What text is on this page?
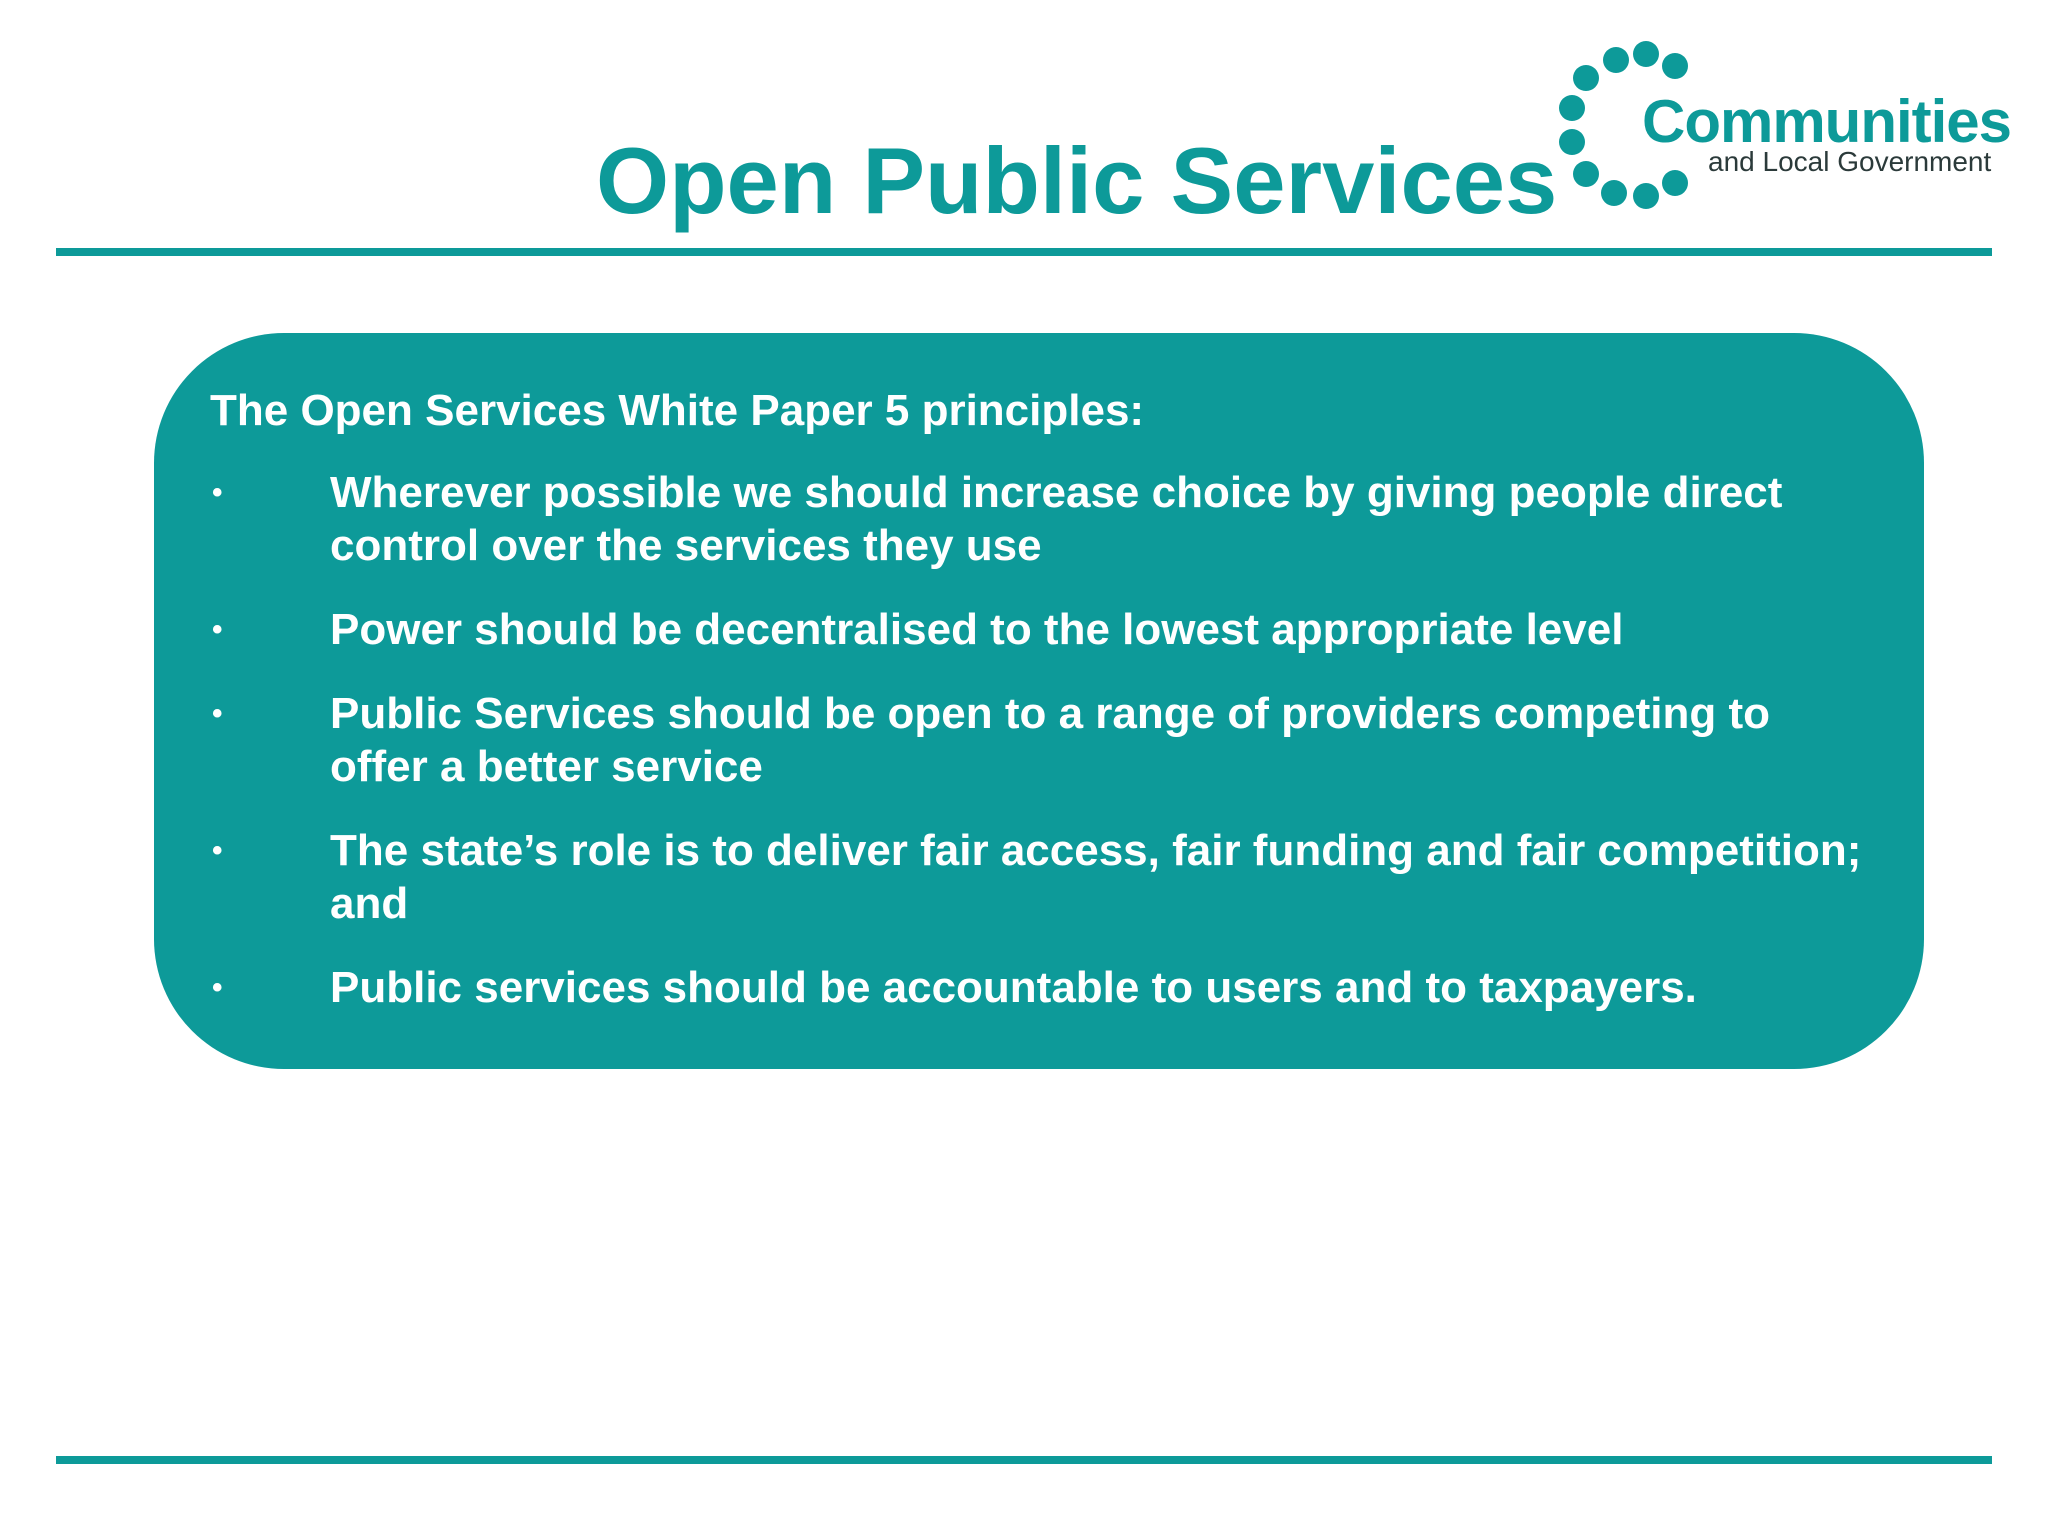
Open Public Services
Communities
and Local Government

The Open Services White Paper 5 principles:

• Wherever possible we should increase choice by giving people direct control over the services they use
• Power should be decentralised to the lowest appropriate level
• Public Services should be open to a range of providers competing to offer a better service
• The state’s role is to deliver fair access, fair funding and fair competition; and
• Public services should be accountable to users and to taxpayers.
